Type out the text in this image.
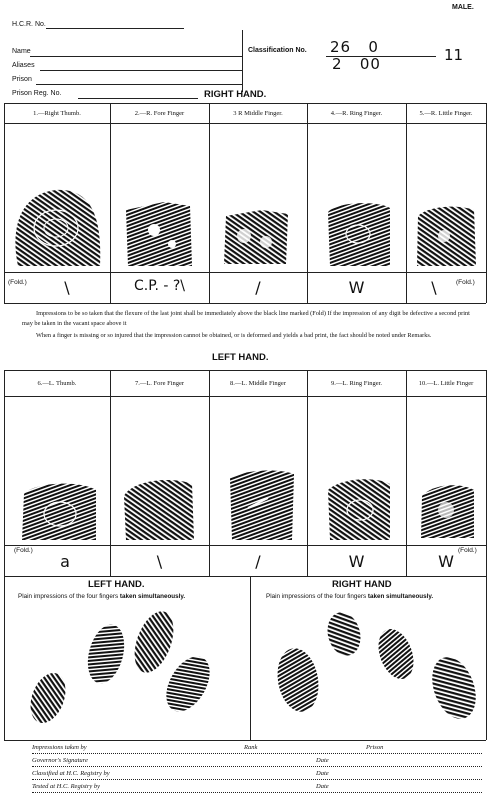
MALE.
H.C.R. No.
Name
Aliases
Prison
Prison Reg. No.
Classification No. 26   0
2   00	11
RIGHT HAND.
1.—Right Thumb.	2.—R. Fore Finger	3 R Middle Finger.	4.—R. Ring Finger.	5.—R. Little Finger.
(Fold.)	(Fold.)
\	C.P. - ?\	/	W	\
Impressions to be so taken that the flexure of the last joint shall be immediately above the black line marked (Fold) If the impression of any digit be defective a second print may be taken in the vacant space above it
When a finger is missing or so injured that the impression cannot be obtained, or is deformed and yields a bad print, the fact should be noted under Remarks.
LEFT HAND.
6.—L. Thumb.	7.—L. Fore Finger	8.—L. Middle Finger	9.—L. Ring Finger.	10.—L. Little Finger
(Fold.)	(Fold.)
a	\	/	W	W
LEFT HAND.
Plain impressions of the four fingers taken simultaneously.
RIGHT HAND
Plain impressions of the four fingers taken simultaneously.
Impressions taken by	Rank	Prison
Governor's Signature	Date
Classified at H.C. Registry by	Date
Tested at H.C. Registry by	Date
